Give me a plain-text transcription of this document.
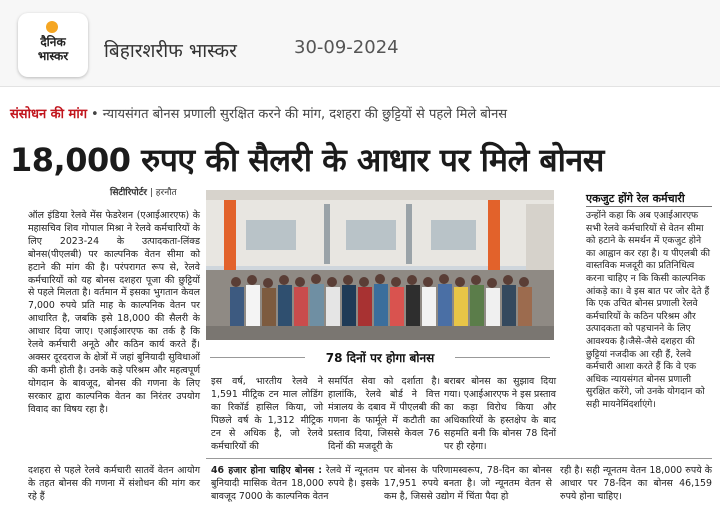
दैनिक
भास्कर	बिहारशरीफ भास्कर	30-09-2024
संसोधन की मांग • न्यायसंगत बोनस प्रणाली सुरक्षित करने की मांग, दशहरा की छुट्टियों से पहले मिले बोनस
18,000 रुपए की सैलरी के आधार पर मिले बोनस
सिटीरिपोर्टर | हरनौत

ऑल इंडिया रेलवे मेंस फेडरेशन (एआईआरएफ) के महासचिव शिव गोपाल मिश्रा ने रेलवे कर्मचारियों के लिए 2023-24 के उत्पादकता-लिंक्ड बोनस(पीएलबी) पर काल्पनिक वेतन सीमा को हटाने की मांग की है। परंपरागत रूप से, रेलवे कर्मचारियों को यह बोनस दशहरा पूजा की छुट्टियों से पहले मिलता है। वर्तमान में इसका भुगतान केवल 7,000 रुपये प्रति माह के काल्पनिक वेतन पर आधारित है, जबकि इसे 18,000 की सैलरी के आधार दिया जाए। एआईआरएफ का तर्क है कि रेलवे कर्मचारी अनूठे और कठिन कार्य करते हैं। अक्सर दूरदराज के क्षेत्रों में जहां बुनियादी सुविधाओं की कमी होती है। उनके कड़े परिश्रम और महत्वपूर्ण योगदान के बावजूद, बोनस की गणना के लिए सरकार द्वारा काल्पनिक वेतन का निरंतर उपयोग विवाद का विषय रहा है।

दशहरा से पहले रेलवे कर्मचारी सातवें वेतन आयोग के तहत बोनस की गणना में संशोधन की मांग कर रहे हैं

78 दिनों पर होगा बोनस

इस वर्ष, भारतीय रेलवे ने 1,591 मीट्रिक टन माल लोडिंग का रिकॉर्ड हासिल किया, जो पिछले वर्ष के 1,312 मीट्रिक टन से अधिक है, जो रेलवे कर्मचारियों की

समर्पित सेवा को दर्शाता है। हालांकि, रेलवे बोर्ड ने वित्त मंत्रालय के दबाव में पीएलबी की गणना के फार्मूले में कटौती का प्रस्ताव दिया, जिससे केवल 76 दिनों की मजदूरी के

बराबर बोनस का सुझाव दिया गया। एआईआरएफ ने इस प्रस्ताव का कड़ा विरोध किया और अधिकारियों के हस्तक्षेप के बाद सहमति बनी कि बोनस 78 दिनों पर ही रहेगा।

एकजुट होंगे रेल कर्मचारी

उन्होंने कहा कि अब एआईआरएफ सभी रेलवे कर्मचारियों से वेतन सीमा को हटाने के समर्थन में एकजुट होने का आह्वान कर रहा है। य पीएलबी की वास्तविक मजदूरी का प्रतिनिधित्व करना चाहिए न कि किसी काल्पनिक आंकड़े का। वे इस बात पर जोर देते हैं कि एक उचित बोनस प्रणाली रेलवे कर्मचारियों के कठिन परिश्रम और उत्पादकता को पहचानने के लिए आवश्यक है।जैसे-जैसे दशहरा की छुट्टियां नजदीक आ रही हैं, रेलवे कर्मचारी आशा करते हैं कि वे एक अधिक न्यायसंगत बोनस प्रणाली सुरक्षित करेंगे, जो उनके योगदान को सही मायनेमिंदर्शाएंगे।

46 हजार होना चाहिए बोनस : रेलवे में न्यूनतम बुनियादी मासिक वेतन 18,000 रुपये है। इसके बावजूद 7000 के काल्पनिक वेतन

पर बोनस के परिणामस्वरूप, 78-दिन का बोनस 17,951 रुपये बनता है। जो न्यूनतम वेतन से कम है, जिससे उद्योग में चिंता पैदा हो

रही है। सही न्यूनतम वेतन 18,000 रुपये के आधार पर 78-दिन का बोनस 46,159 रुपये होना चाहिए।
